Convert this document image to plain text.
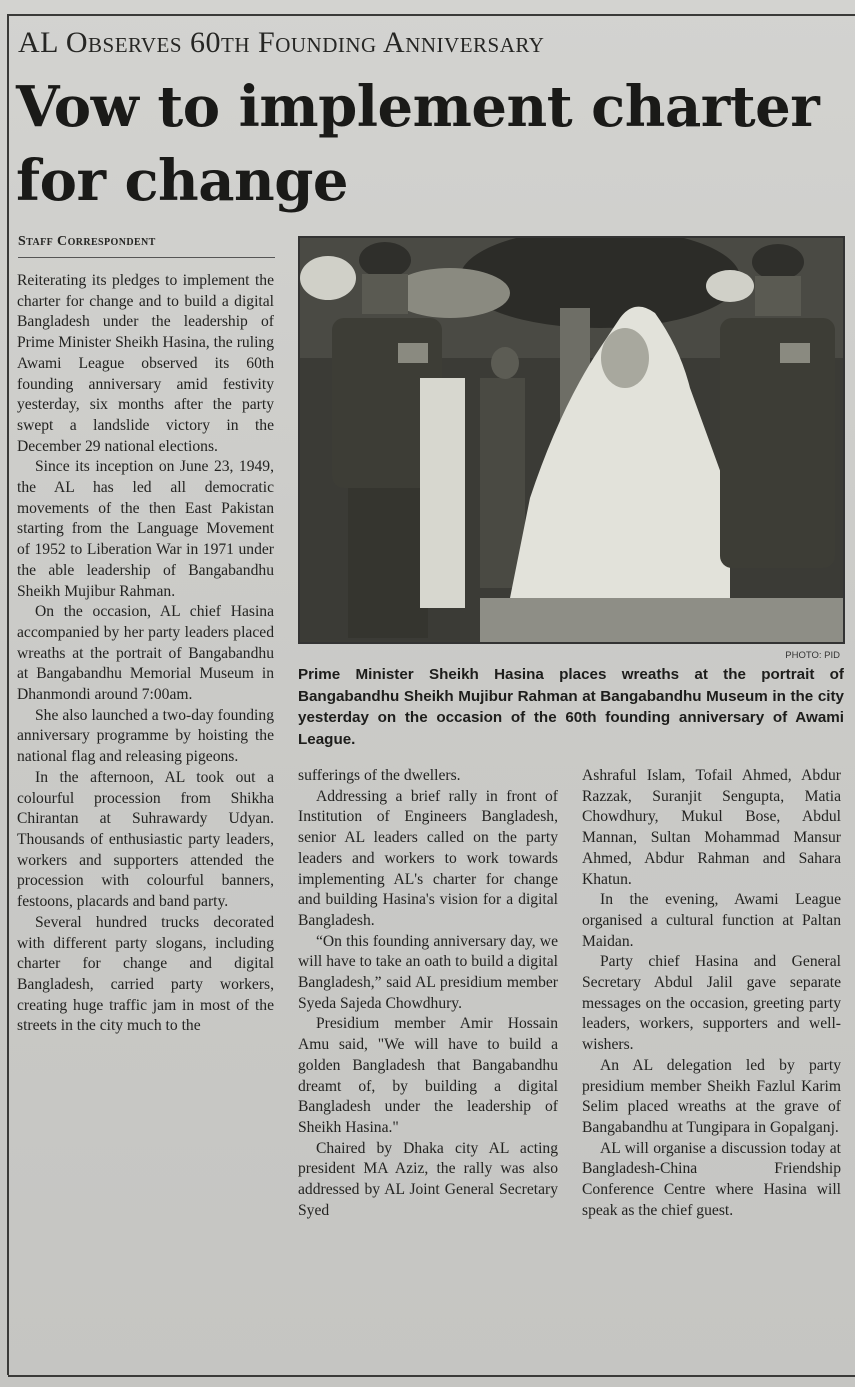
AL Observes 60th Founding Anniversary
Vow to implement charter for change
Staff Correspondent

Reiterating its pledges to implement the charter for change and to build a digital Bangladesh under the leadership of Prime Minister Sheikh Hasina, the ruling Awami League observed its 60th founding anniversary amid festivity yesterday, six months after the party swept a landslide victory in the December 29 national elections.

Since its inception on June 23, 1949, the AL has led all democratic movements of the then East Pakistan starting from the Language Movement of 1952 to Liberation War in 1971 under the able leadership of Bangabandhu Sheikh Mujibur Rahman.

On the occasion, AL chief Hasina accompanied by her party leaders placed wreaths at the portrait of Bangabandhu at Bangabandhu Memorial Museum in Dhanmondi around 7:00am.

She also launched a two-day founding anniversary programme by hoisting the national flag and releasing pigeons.

In the afternoon, AL took out a colourful procession from Shikha Chirantan at Suhrawardy Udyan. Thousands of enthusiastic party leaders, workers and supporters attended the procession with colourful banners, festoons, placards and band party.

Several hundred trucks decorated with different party slogans, including charter for change and digital Bangladesh, carried party workers, creating huge traffic jam in most of the streets in the city much to the

PHOTO: PID
Prime Minister Sheikh Hasina places wreaths at the portrait of Bangabandhu Sheikh Mujibur Rahman at Bangabandhu Museum in the city yesterday on the occasion of the 60th founding anniversary of Awami League.

sufferings of the dwellers.

Addressing a brief rally in front of Institution of Engineers Bangladesh, senior AL leaders called on the party leaders and workers to work towards implementing AL's charter for change and building Hasina's vision for a digital Bangladesh.

“On this founding anniversary day, we will have to take an oath to build a digital Bangladesh,” said AL presidium member Syeda Sajeda Chowdhury.

Presidium member Amir Hossain Amu said, "We will have to build a golden Bangladesh that Bangabandhu dreamt of, by building a digital Bangladesh under the leadership of Sheikh Hasina."

Chaired by Dhaka city AL acting president MA Aziz, the rally was also addressed by AL Joint General Secretary Syed

Ashraful Islam, Tofail Ahmed, Abdur Razzak, Suranjit Sengupta, Matia Chowdhury, Mukul Bose, Abdul Mannan, Sultan Mohammad Mansur Ahmed, Abdur Rahman and Sahara Khatun.

In the evening, Awami League organised a cultural function at Paltan Maidan.

Party chief Hasina and General Secretary Abdul Jalil gave separate messages on the occasion, greeting party leaders, workers, supporters and well-wishers.

An AL delegation led by party presidium member Sheikh Fazlul Karim Selim placed wreaths at the grave of Bangabandhu at Tungipara in Gopalganj.

AL will organise a discussion today at Bangladesh-China Friendship Conference Centre where Hasina will speak as the chief guest.
